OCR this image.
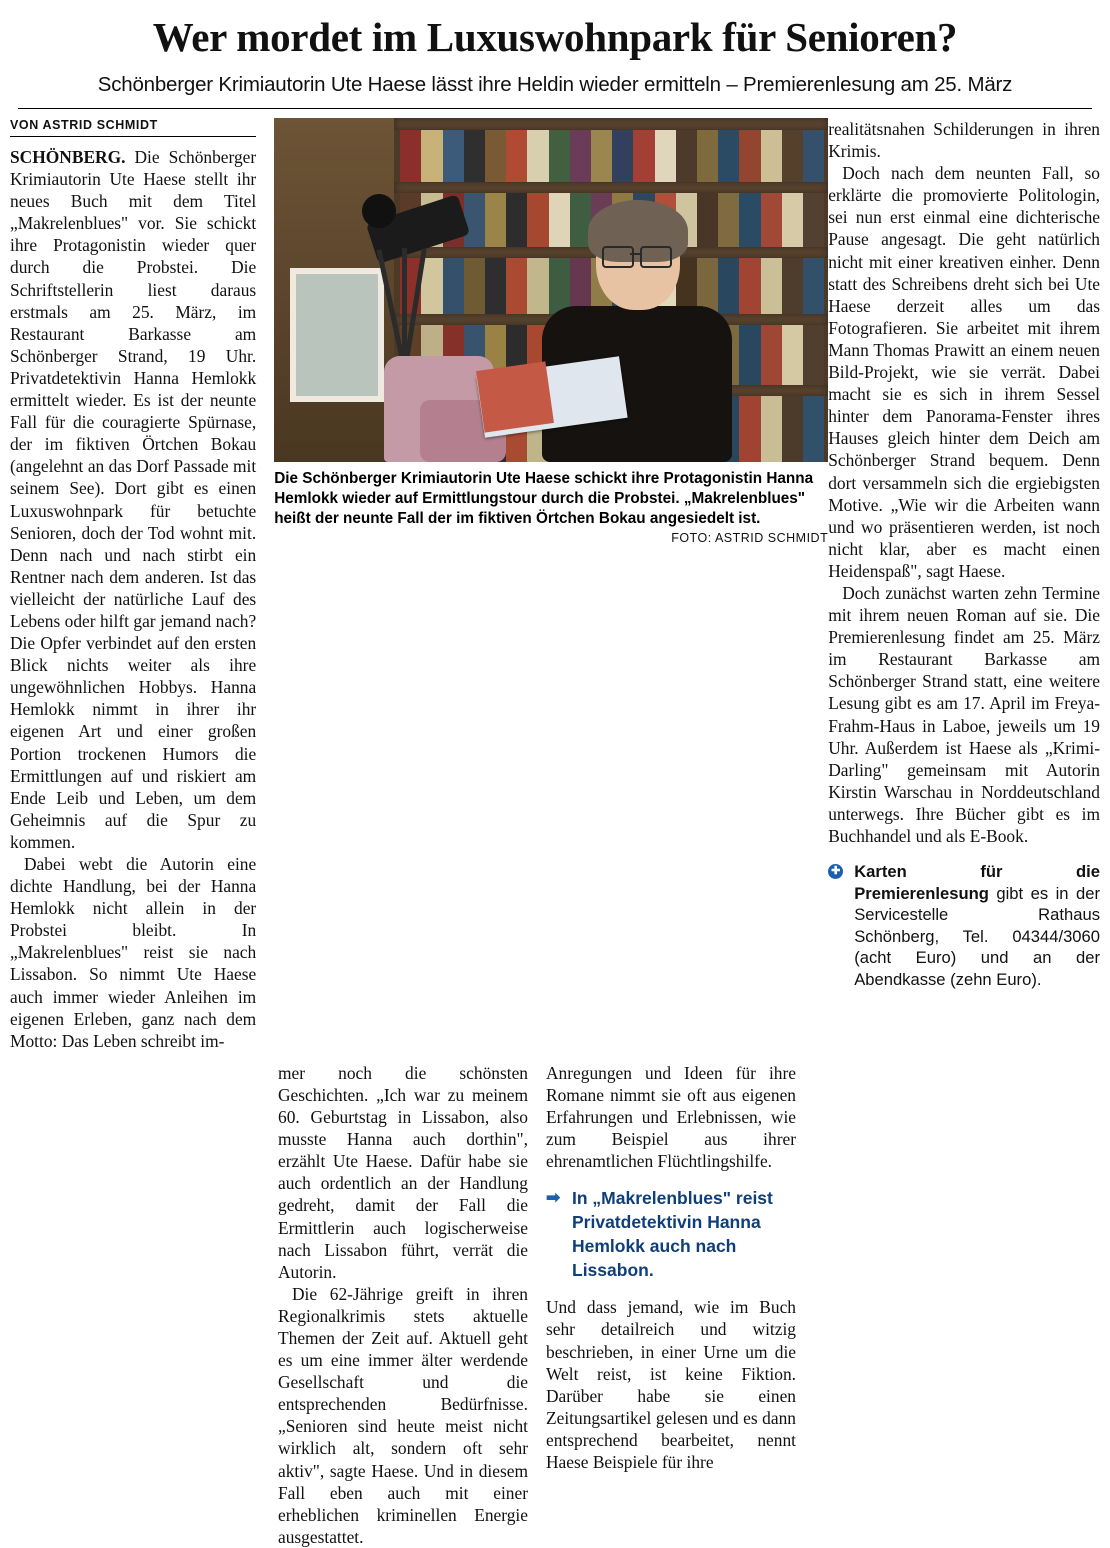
Wer mordet im Luxuswohnpark für Senioren?
Schönberger Krimiautorin Ute Haese lässt ihre Heldin wieder ermitteln – Premierenlesung am 25. März
VON ASTRID SCHMIDT

SCHÖNBERG. Die Schönberger Krimiautorin Ute Haese stellt ihr neues Buch mit dem Titel „Makrelenblues" vor. Sie schickt ihre Protagonistin wieder quer durch die Probstei. Die Schriftstellerin liest daraus erstmals am 25. März, im Restaurant Barkasse am Schönberger Strand, 19 Uhr. Privatdetektivin Hanna Hemlokk ermittelt wieder. Es ist der neunte Fall für die couragierte Spürnase, der im fiktiven Örtchen Bokau (angelehnt an das Dorf Passade mit seinem See). Dort gibt es einen Luxuswohnpark für betuchte Senioren, doch der Tod wohnt mit. Denn nach und nach stirbt ein Rentner nach dem anderen. Ist das vielleicht der natürliche Lauf des Lebens oder hilft gar jemand nach? Die Opfer verbindet auf den ersten Blick nichts weiter als ihre ungewöhnlichen Hobbys. Hanna Hemlokk nimmt in ihrer ihr eigenen Art und einer großen Portion trockenen Humors die Ermittlungen auf und riskiert am Ende Leib und Leben, um dem Geheimnis auf die Spur zu kommen.

Dabei webt die Autorin eine dichte Handlung, bei der Hanna Hemlokk nicht allein in der Probstei bleibt. In „Makrelenblues" reist sie nach Lissabon. So nimmt Ute Haese auch immer wieder Anleihen im eigenen Erleben, ganz nach dem Motto: Das Leben schreibt im-

Die Schönberger Krimiautorin Ute Haese schickt ihre Protagonistin Hanna Hemlokk wieder auf Ermittlungstour durch die Probstei. „Makrelenblues" heißt der neunte Fall der im fiktiven Örtchen Bokau angesiedelt ist.
FOTO: ASTRID SCHMIDT

realitätsnahen Schilderungen in ihren Krimis.

Doch nach dem neunten Fall, so erklärte die promovierte Politologin, sei nun erst einmal eine dichterische Pause angesagt. Die geht natürlich nicht mit einer kreativen einher. Denn statt des Schreibens dreht sich bei Ute Haese derzeit alles um das Fotografieren. Sie arbeitet mit ihrem Mann Thomas Prawitt an einem neuen Bild-Projekt, wie sie verrät. Dabei macht sie es sich in ihrem Sessel hinter dem Panorama-Fenster ihres Hauses gleich hinter dem Deich am Schönberger Strand bequem. Denn dort versammeln sich die ergiebigsten Motive. „Wie wir die Arbeiten wann und wo präsentieren werden, ist noch nicht klar, aber es macht einen Heidenspaß", sagt Haese.

Doch zunächst warten zehn Termine mit ihrem neuen Roman auf sie. Die Premierenlesung findet am 25. März im Restaurant Barkasse am Schönberger Strand statt, eine weitere Lesung gibt es am 17. April im Freya-Frahm-Haus in Laboe, jeweils um 19 Uhr. Außerdem ist Haese als „Krimi-Darling" gemeinsam mit Autorin Kirstin Warschau in Norddeutschland unterwegs. Ihre Bücher gibt es im Buchhandel und als E-Book.

✚ Karten für die Premierenlesung gibt es in der Servicestelle Rathaus Schönberg, Tel. 04344/3060 (acht Euro) und an der Abendkasse (zehn Euro).

mer noch die schönsten Geschichten. „Ich war zu meinem 60. Geburtstag in Lissabon, also musste Hanna auch dorthin", erzählt Ute Haese. Dafür habe sie auch ordentlich an der Handlung gedreht, damit der Fall die Ermittlerin auch logischerweise nach Lissabon führt, verrät die Autorin.

Die 62-Jährige greift in ihren Regionalkrimis stets aktuelle Themen der Zeit auf. Aktuell geht es um eine immer älter werdende Gesellschaft und die entsprechenden Bedürfnisse. „Senioren sind heute meist nicht wirklich alt, sondern oft sehr aktiv", sagte Haese. Und in diesem Fall eben auch mit einer erheblichen kriminellen Energie ausgestattet.

Anregungen und Ideen für ihre Romane nimmt sie oft aus eigenen Erfahrungen und Erlebnissen, wie zum Beispiel aus ihrer ehrenamtlichen Flüchtlingshilfe.

➡ In „Makrelenblues" reist Privatdetektivin Hanna Hemlokk auch nach Lissabon.

Und dass jemand, wie im Buch sehr detailreich und witzig beschrieben, in einer Urne um die Welt reist, ist keine Fiktion. Darüber habe sie einen Zeitungsartikel gelesen und es dann entsprechend bearbeitet, nennt Haese Beispiele für ihre
